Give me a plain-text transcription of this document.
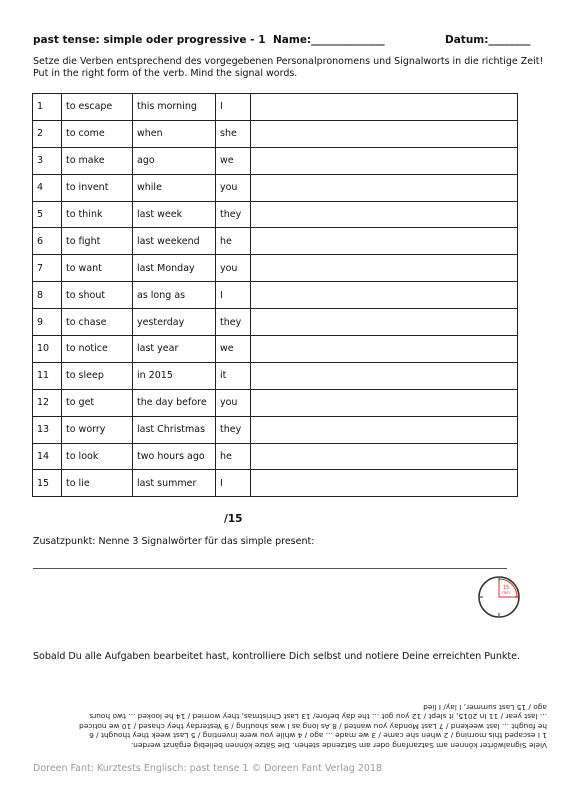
past tense: simple oder progressive - 1 Name:______________	Datum:________
Setze die Verben entsprechend des vorgegebenen Personalpronomens und Signalworts in die richtige Zeit!
Put in the right form of the verb. Mind the signal words.
1	to escape	this morning	I	
2	to come	when	she	
3	to make	ago	we	
4	to invent	while	you	
5	to think	last week	they	
6	to fight	last weekend	he	
7	to want	last Monday	you	
8	to shout	as long as	I	
9	to chase	yesterday	they	
10	to notice	last year	we	
11	to sleep	in 2015	it	
12	to get	the day before	you	
13	to worry	last Christmas	they	
14	to look	two hours ago	he	
15	to lie	last summer	I	
/15
Zusatzpunkt: Nenne 3 Signalwörter für das simple present:
15
min
Sobald Du alle Aufgaben bearbeitet hast, kontrolliere Dich selbst und notiere Deine erreichten Punkte.
Viele Signalwörter können am Satzanfang oder am Satzende stehen. Die Sätze können beliebig ergänzt werden.
1 I escaped this morning / 2 when she came / 3 we made ... ago / 4 while you were inventing / 5 Last week they thought / 6
he fought ... last weekend / 7 Last Monday you wanted / 8 As long as I was shouting / 9 Yesterday they chased / 10 we noticed
... last year / 11 In 2015, it slept / 12 you got ... the day before/ 13 Last Christmas, they worried / 14 he looked ... two hours
ago / 15 Last summer, I lay/ I lied
Doreen Fant: Kurztests Englisch: past tense 1 © Doreen Fant Verlag 2018
